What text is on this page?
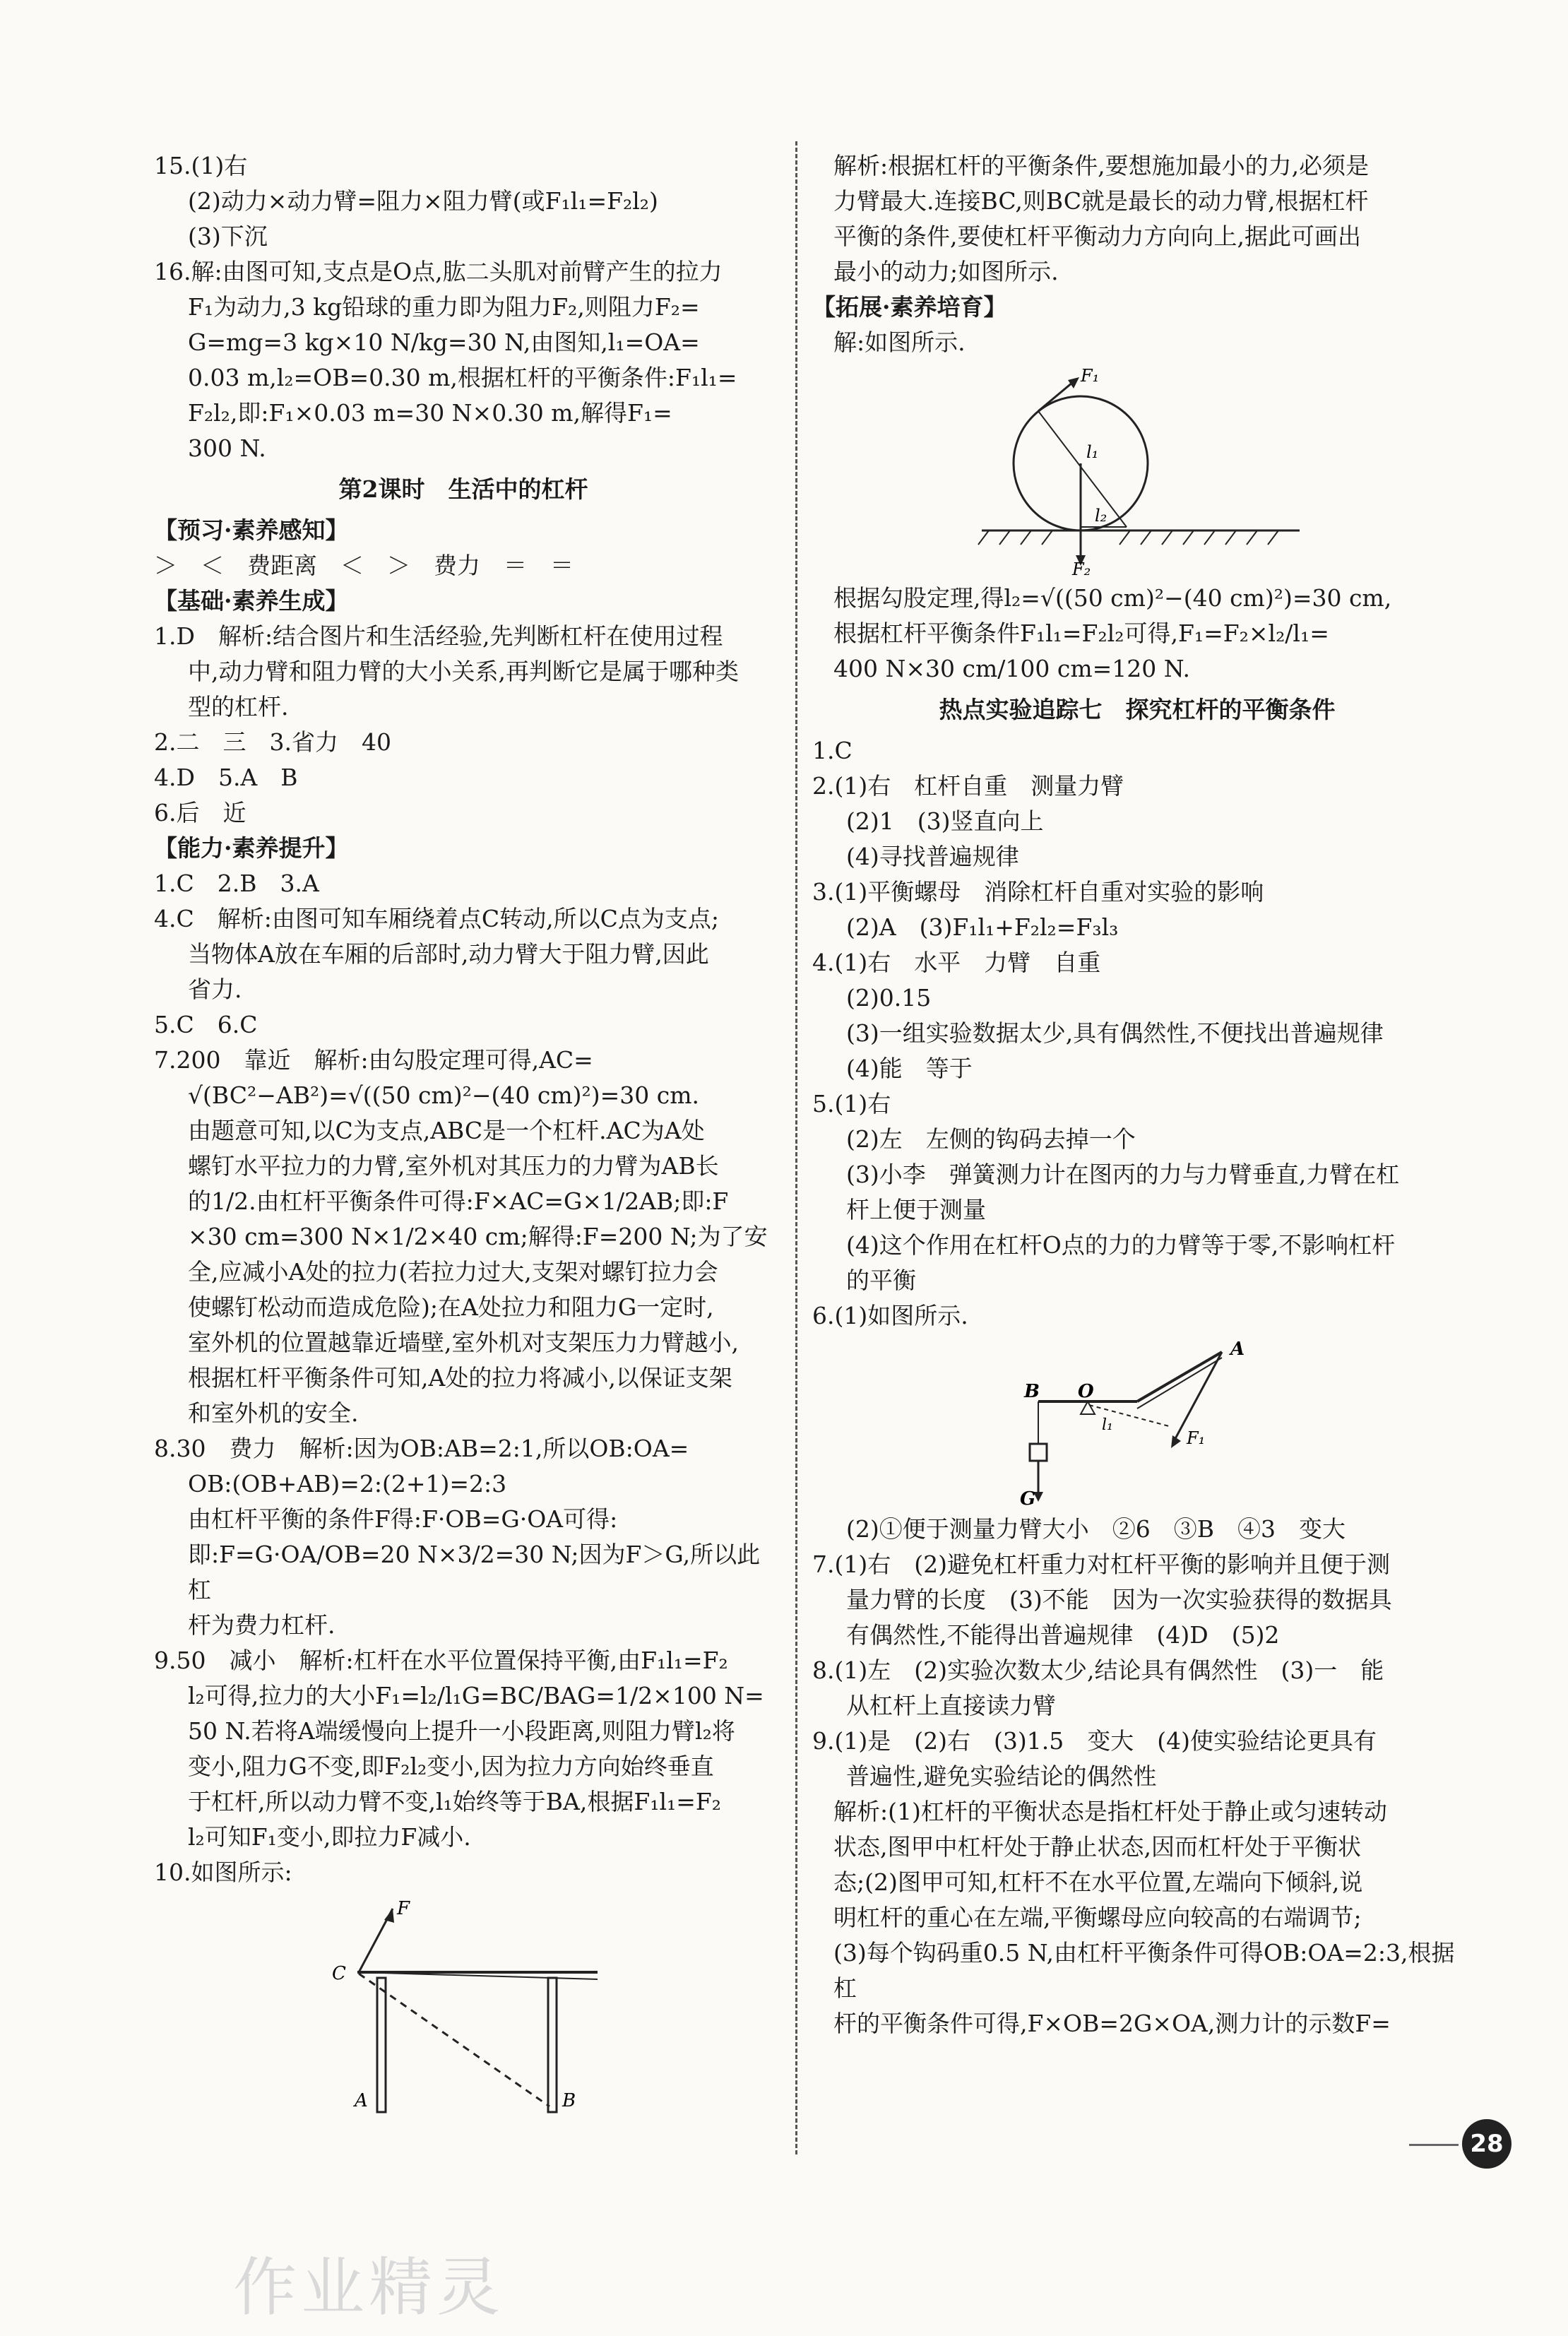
15.(1)右

(2)动力×动力臂=阻力×阻力臂(或F₁l₁=F₂l₂)

(3)下沉

16.解:由图可知,支点是O点,肱二头肌对前臂产生的拉力

F₁为动力,3 kg铅球的重力即为阻力F₂,则阻力F₂=

G=mg=3 kg×10 N/kg=30 N,由图知,l₁=OA=

0.03 m,l₂=OB=0.30 m,根据杠杆的平衡条件:F₁l₁=

F₂l₂,即:F₁×0.03 m=30 N×0.30 m,解得F₁=

300 N.

第2课时　生活中的杠杆

【预习·素养感知】

＞　＜　费距离　＜　＞　费力　＝　＝

【基础·素养生成】

1.D　解析:结合图片和生活经验,先判断杠杆在使用过程

中,动力臂和阻力臂的大小关系,再判断它是属于哪种类

型的杠杆.

2.二　三　3.省力　40

4.D　5.A　B

6.后　近

【能力·素养提升】

1.C　2.B　3.A

4.C　解析:由图可知车厢绕着点C转动,所以C点为支点;

当物体A放在车厢的后部时,动力臂大于阻力臂,因此

省力.

5.C　6.C

7.200　靠近　解析:由勾股定理可得,AC=

√(BC²−AB²)=√((50 cm)²−(40 cm)²)=30 cm.

由题意可知,以C为支点,ABC是一个杠杆.AC为A处

螺钉水平拉力的力臂,室外机对其压力的力臂为AB长

的1/2.由杠杆平衡条件可得:F×AC=G×1/2AB;即:F

×30 cm=300 N×1/2×40 cm;解得:F=200 N;为了安

全,应减小A处的拉力(若拉力过大,支架对螺钉拉力会

使螺钉松动而造成危险);在A处拉力和阻力G一定时,

室外机的位置越靠近墙壁,室外机对支架压力力臂越小,

根据杠杆平衡条件可知,A处的拉力将减小,以保证支架

和室外机的安全.

8.30　费力　解析:因为OB:AB=2:1,所以OB:OA=

OB:(OB+AB)=2:(2+1)=2:3

由杠杆平衡的条件F得:F·OB=G·OA可得:

即:F=G·OA/OB=20 N×3/2=30 N;因为F＞G,所以此杠

杆为费力杠杆.

9.50　减小　解析:杠杆在水平位置保持平衡,由F₁l₁=F₂

l₂可得,拉力的大小F₁=l₂/l₁G=BC/BAG=1/2×100 N=

50 N.若将A端缓慢向上提升一小段距离,则阻力臂l₂将

变小,阻力G不变,即F₂l₂变小,因为拉力方向始终垂直

于杠杆,所以动力臂不变,l₁始终等于BA,根据F₁l₁=F₂

l₂可知F₁变小,即拉力F减小.

10.如图所示:

F
C
A	B

解析:根据杠杆的平衡条件,要想施加最小的力,必须是

力臂最大.连接BC,则BC就是最长的动力臂,根据杠杆

平衡的条件,要使杠杆平衡动力方向向上,据此可画出

最小的动力;如图所示.

【拓展·素养培育】

解:如图所示.

F₁
l₁
l₂
F₂

根据勾股定理,得l₂=√((50 cm)²−(40 cm)²)=30 cm,

根据杠杆平衡条件F₁l₁=F₂l₂可得,F₁=F₂×l₂/l₁=

400 N×30 cm/100 cm=120 N.

热点实验追踪七　探究杠杆的平衡条件

1.C

2.(1)右　杠杆自重　测量力臂

(2)1　(3)竖直向上

(4)寻找普遍规律

3.(1)平衡螺母　消除杠杆自重对实验的影响

(2)A　(3)F₁l₁+F₂l₂=F₃l₃

4.(1)右　水平　力臂　自重

(2)0.15

(3)一组实验数据太少,具有偶然性,不便找出普遍规律

(4)能　等于

5.(1)右

(2)左　左侧的钩码去掉一个

(3)小李　弹簧测力计在图丙的力与力臂垂直,力臂在杠

杆上便于测量

(4)这个作用在杠杆O点的力的力臂等于零,不影响杠杆

的平衡

6.(1)如图所示.

A
B O
F₁
l₁
G

(2)①便于测量力臂大小　②6　③B　④3　变大

7.(1)右　(2)避免杠杆重力对杠杆平衡的影响并且便于测

量力臂的长度　(3)不能　因为一次实验获得的数据具

有偶然性,不能得出普遍规律　(4)D　(5)2

8.(1)左　(2)实验次数太少,结论具有偶然性　(3)一　能

从杠杆上直接读力臂

9.(1)是　(2)右　(3)1.5　变大　(4)使实验结论更具有

普遍性,避免实验结论的偶然性

解析:(1)杠杆的平衡状态是指杠杆处于静止或匀速转动

状态,图甲中杠杆处于静止状态,因而杠杆处于平衡状

态;(2)图甲可知,杠杆不在水平位置,左端向下倾斜,说

明杠杆的重心在左端,平衡螺母应向较高的右端调节;

(3)每个钩码重0.5 N,由杠杆平衡条件可得OB:OA=2:3,根据杠

杆的平衡条件可得,F×OB=2G×OA,测力计的示数F=

28
作业精灵
